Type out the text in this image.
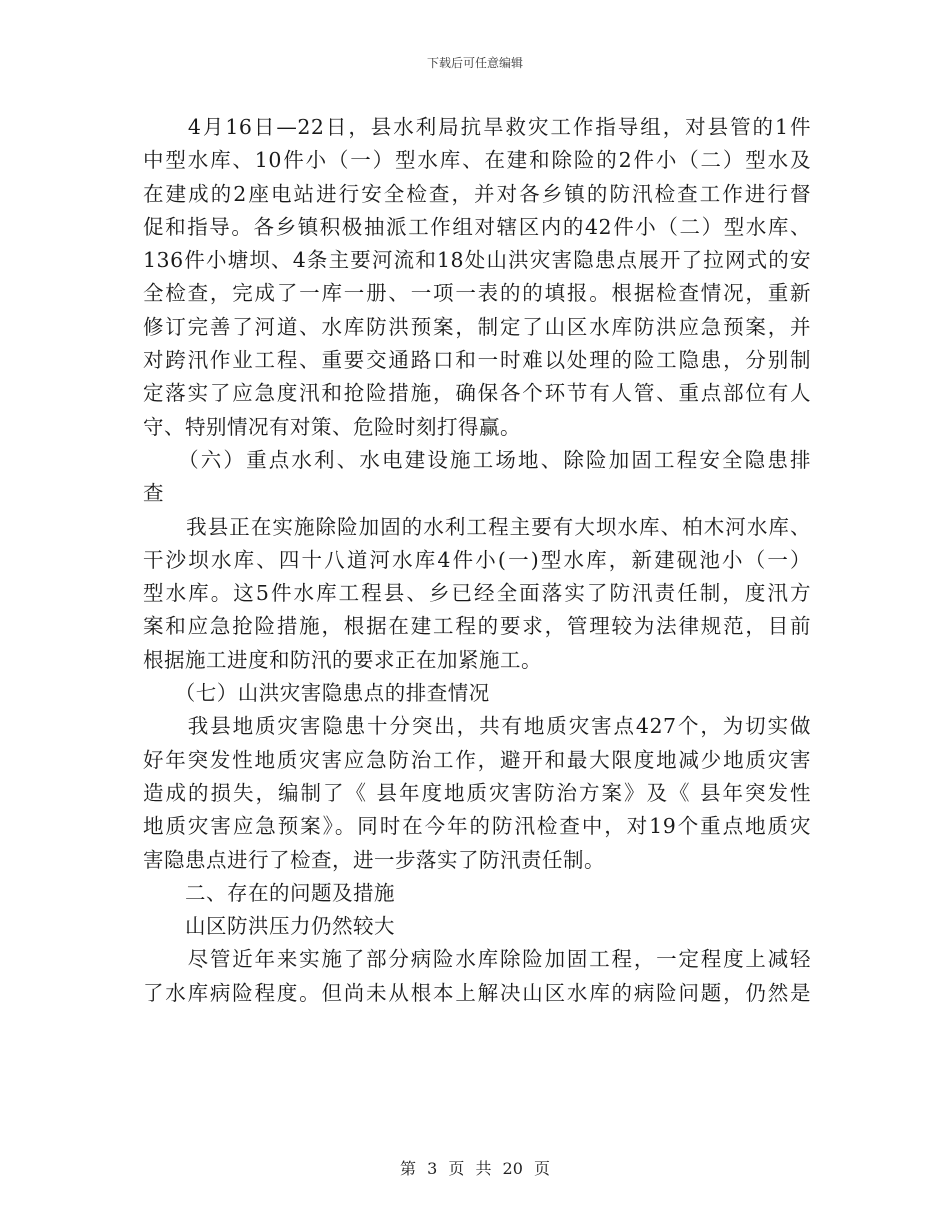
下载后可任意编辑
　　4月16日—22日，县水利局抗旱救灾工作指导组，对县管的1件
中型水库、10件小（一）型水库、在建和除险的2件小（二）型水及
在建成的2座电站进行安全检查，并对各乡镇的防汛检查工作进行督
促和指导。各乡镇积极抽派工作组对辖区内的42件小（二）型水库、
136件小塘坝、4条主要河流和18处山洪灾害隐患点展开了拉网式的安
全检查，完成了一库一册、一项一表的的填报。根据检查情况，重新
修订完善了河道、水库防洪预案，制定了山区水库防洪应急预案，并
对跨汛作业工程、重要交通路口和一时难以处理的险工隐患，分别制
定落实了应急度汛和抢险措施，确保各个环节有人管、重点部位有人
守、特别情况有对策、危险时刻打得赢。
　　（六）重点水利、水电建设施工场地、除险加固工程安全隐患排
查
　　我县正在实施除险加固的水利工程主要有大坝水库、柏木河水库、
干沙坝水库、四十八道河水库4件小(一)型水库，新建砚池小（一）
型水库。这5件水库工程县、乡已经全面落实了防汛责任制，度汛方
案和应急抢险措施，根据在建工程的要求，管理较为法律规范，目前
根据施工进度和防汛的要求正在加紧施工。
　　（七）山洪灾害隐患点的排查情况
　　我县地质灾害隐患十分突出，共有地质灾害点427个，为切实做
好年突发性地质灾害应急防治工作，避开和最大限度地减少地质灾害
造成的损失，编制了《 县年度地质灾害防治方案》及《 县年突发性
地质灾害应急预案》。同时在今年的防汛检查中，对19个重点地质灾
害隐患点进行了检查，进一步落实了防汛责任制。
　　二、存在的问题及措施
　　山区防洪压力仍然较大
　　尽管近年来实施了部分病险水库除险加固工程，一定程度上减轻
了水库病险程度。但尚未从根本上解决山区水库的病险问题，仍然是
第 3 页 共 20 页
